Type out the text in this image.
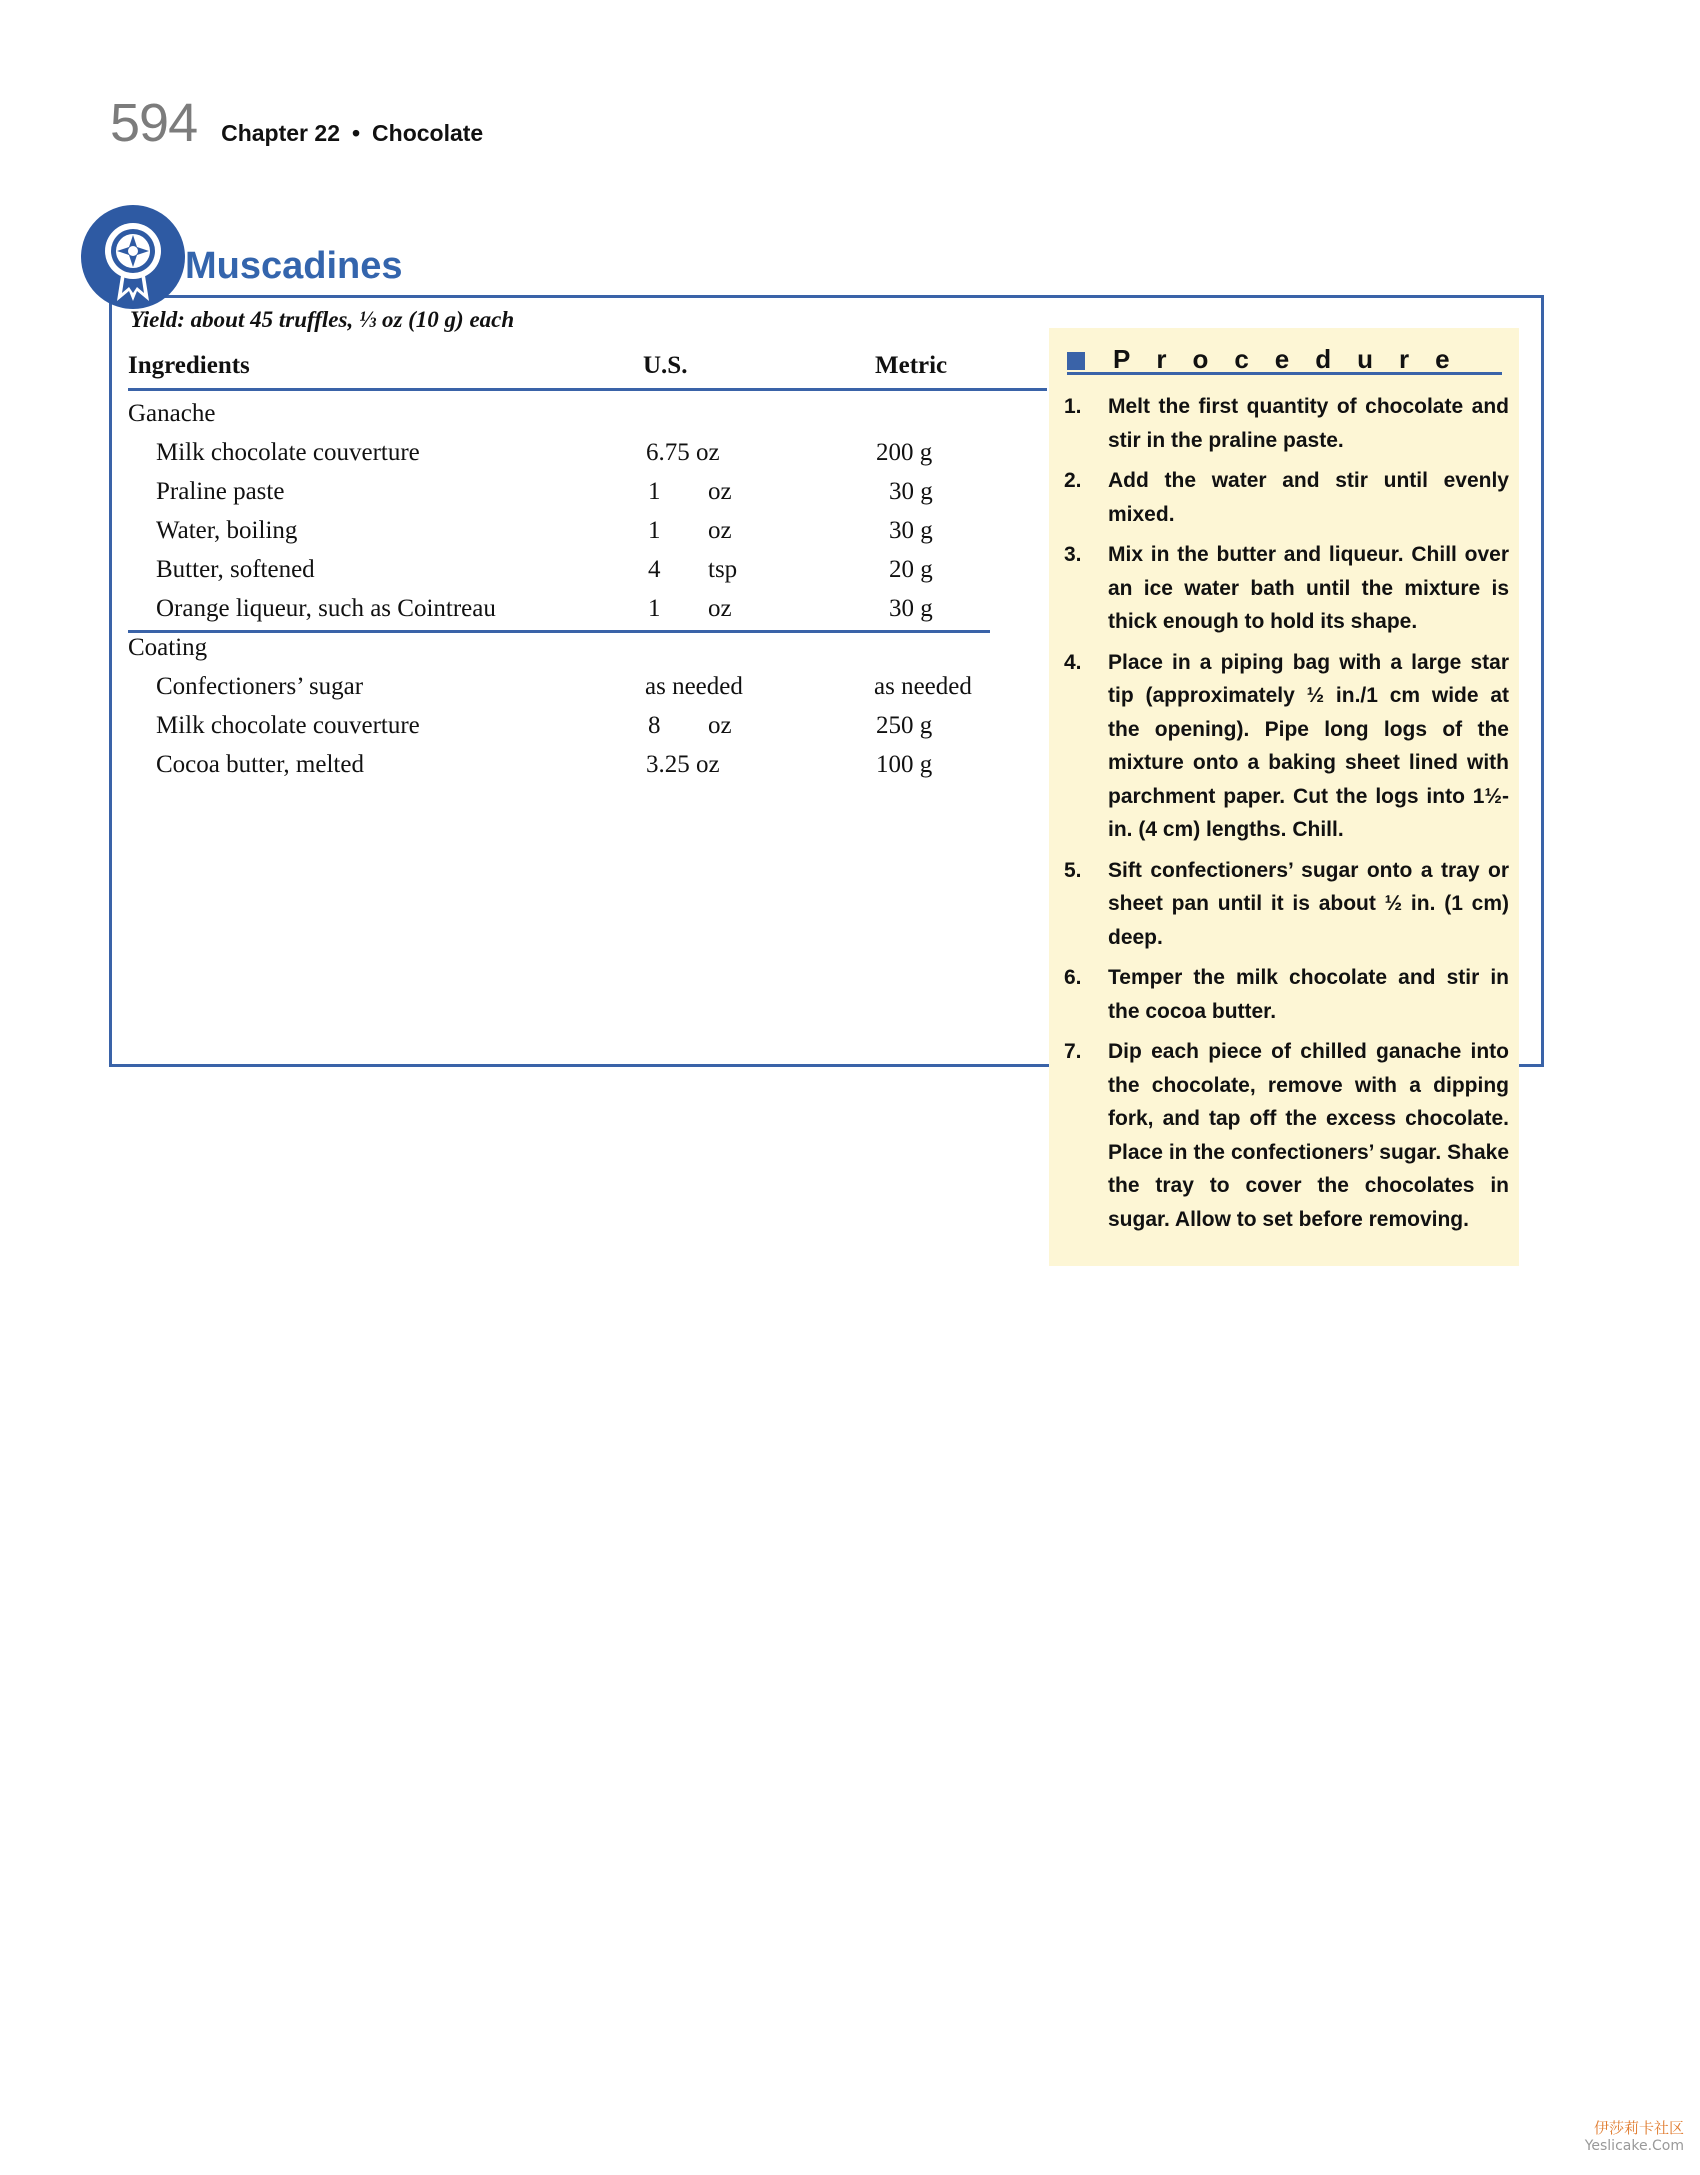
594 Chapter 22 • Chocolate
Muscadines
Yield: about 45 truffles, ⅓ oz (10 g) each
Ingredients	U.S.	Metric
Ganache
Milk chocolate couverture	6.75 oz	200 g
Praline paste	1 oz	30 g
Water, boiling	1 oz	30 g
Butter, softened	4 tsp	20 g
Orange liqueur, such as Cointreau	1 oz	30 g
Coating
Confectioners’ sugar	as needed	as needed
Milk chocolate couverture	8 oz	250 g
Cocoa butter, melted	3.25 oz	100 g
Procedure
1.	Melt the first quantity of chocolate and stir in the praline paste.
2.	Add the water and stir until evenly mixed.
3.	Mix in the butter and liqueur. Chill over an ice water bath until the mixture is thick enough to hold its shape.
4.	Place in a piping bag with a large star tip (approximately ½ in./1 cm wide at the opening). Pipe long logs of the mixture onto a baking sheet lined with parchment paper. Cut the logs into 1½-in. (4 cm) lengths. Chill.
5.	Sift confectioners’ sugar onto a tray or sheet pan until it is about ½ in. (1 cm) deep.
6.	Temper the milk chocolate and stir in the cocoa butter.
7.	Dip each piece of chilled ganache into the chocolate, remove with a dipping fork, and tap off the excess chocolate. Place in the confectioners’ sugar. Shake the tray to cover the chocolates in sugar. Allow to set before removing.
伊莎莉卡社区
Yeslicake.Com
